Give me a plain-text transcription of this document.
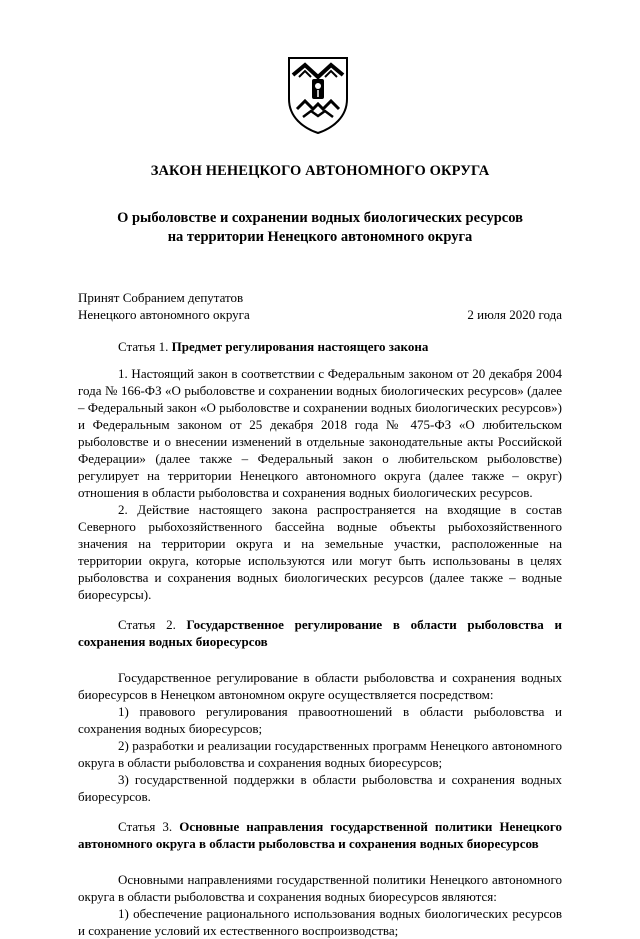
ЗАКОН НЕНЕЦКОГО АВТОНОМНОГО ОКРУГА
О рыболовстве и сохранении водных биологических ресурсов
на территории Ненецкого автономного округа
Принят Собранием депутатов
Ненецкого автономного округа	2 июля 2020 года

Статья 1. Предмет регулирования настоящего закона

1. Настоящий закон в соответствии с Федеральным законом от 20 декабря 2004 года № 166-ФЗ «О рыболовстве и сохранении водных биологических ресурсов» (далее – Федеральный закон «О рыболовстве и сохранении водных биологических ресурсов») и Федеральным законом от 25 декабря 2018 года № 475-ФЗ «О любительском рыболовстве и о внесении изменений в отдельные законодательные акты Российской Федерации» (далее также – Федеральный закон о любительском рыболовстве) регулирует на территории Ненецкого автономного округа (далее также – округ) отношения в области рыболовства и сохранения водных биологических ресурсов.

2. Действие настоящего закона распространяется на входящие в состав Северного рыбохозяйственного бассейна водные объекты рыбохозяйственного значения на территории округа и на земельные участки, расположенные на территории округа, которые используются или могут быть использованы в целях рыболовства и сохранения водных биологических ресурсов (далее также – водные биоресурсы).

Статья 2. Государственное регулирование в области рыболовства и сохранения водных биоресурсов

Государственное регулирование в области рыболовства и сохранения водных биоресурсов в Ненецком автономном округе осуществляется посредством:

1) правового регулирования правоотношений в области рыболовства и сохранения водных биоресурсов;

2) разработки и реализации государственных программ Ненецкого автономного округа в области рыболовства и сохранения водных биоресурсов;

3) государственной поддержки в области рыболовства и сохранения водных биоресурсов.

Статья 3. Основные направления государственной политики Ненецкого автономного округа в области рыболовства и сохранения водных биоресурсов

Основными направлениями государственной политики Ненецкого автономного округа в области рыболовства и сохранения водных биоресурсов являются:

1) обеспечение рационального использования водных биологических ресурсов и сохранение условий их естественного воспроизводства;
